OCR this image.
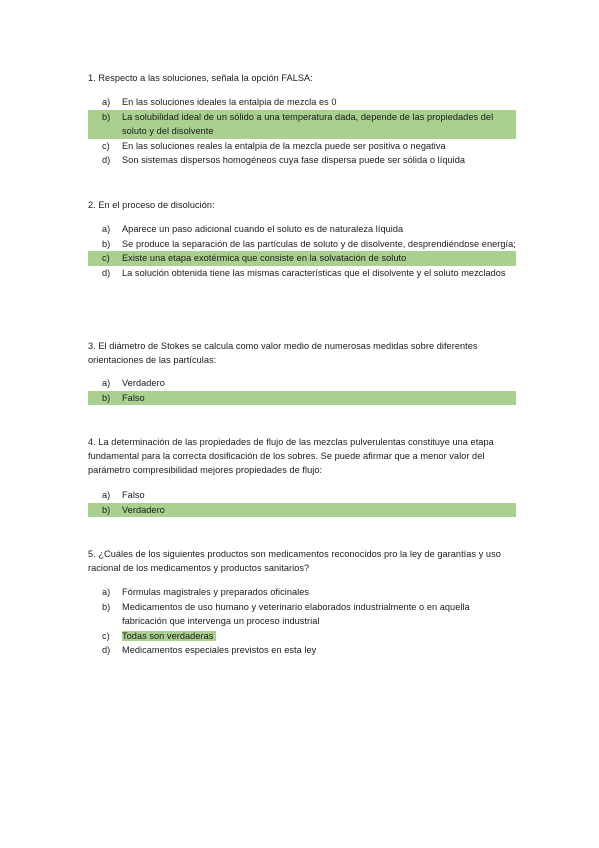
1. Respecto a las soluciones, señala la opción FALSA:

a) En las soluciones ideales la entalpia de mezcla es 0
b) La solubilidad ideal de un sólido a una temperatura dada, depende de las propiedades del soluto y del disolvente
c) En las soluciones reales la entalpia de la mezcla puede ser positiva o negativa
d) Son sistemas dispersos homogéneos cuya fase dispersa puede ser sólida o líquida

2. En el proceso de disolución:

a) Aparece un paso adicional cuando el soluto es de naturaleza líquida
b) Se produce la separación de las partículas de soluto y de disolvente, desprendiéndose energía;
c) Existe una etapa exotérmica que consiste en la solvatación de soluto
d) La solución obtenida tiene las mismas características que el disolvente y el soluto mezclados

3. El diámetro de Stokes se calcula como valor medio de numerosas medidas sobre diferentes orientaciones de las partículas:

a) Verdadero
b) Falso

4. La determinación de las propiedades de flujo de las mezclas pulverulentas constituye una etapa fundamental para la correcta dosificación de los sobres. Se puede afirmar que a menor valor del parámetro compresibilidad mejores propiedades de flujo:

a) Falso
b) Verdadero

5. ¿Cuáles de los siguientes productos son medicamentos reconocidos pro la ley de garantías y uso racional de los medicamentos y productos sanitarios?

a) Fórmulas magistrales y preparados oficinales
b) Medicamentos de uso humano y veterinario elaborados industrialmente o en aquella fabricación que intervenga un proceso industrial
c) Todas son verdaderas
d) Medicamentos especiales previstos en esta ley
